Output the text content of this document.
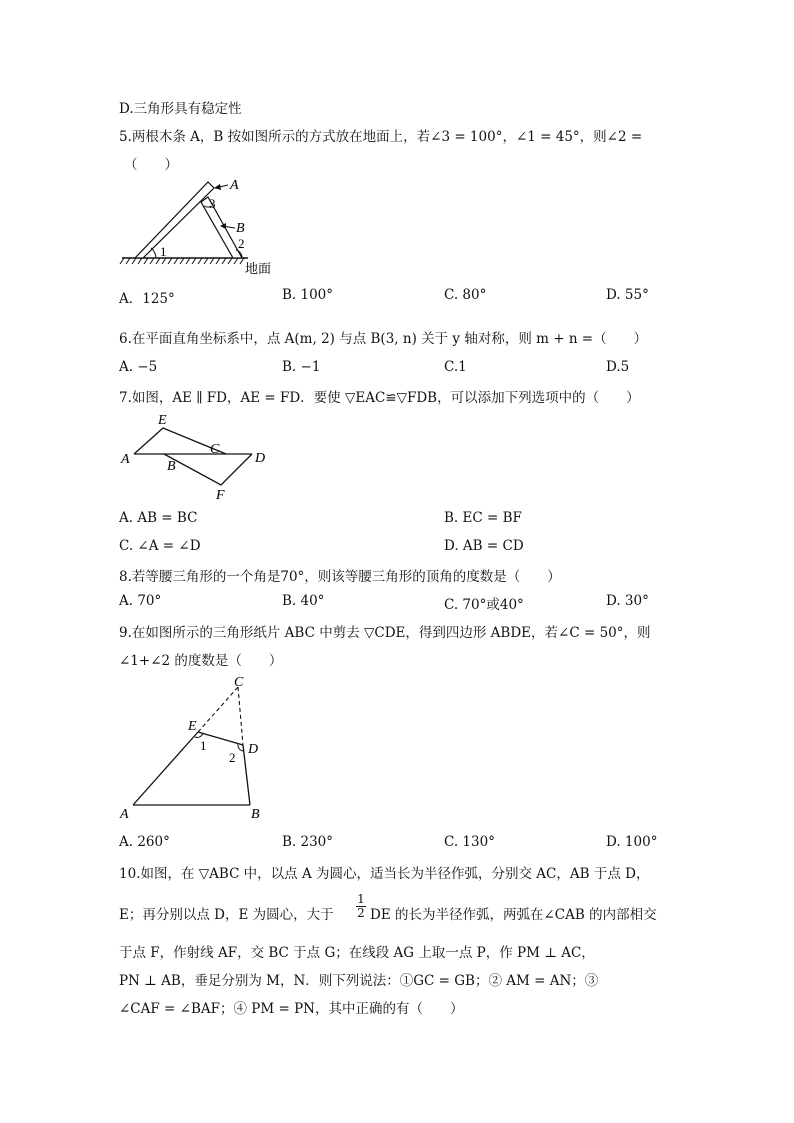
D.三角形具有稳定性
5.两根木条 A，B 按如图所示的方式放在地面上，若∠3 = 100°，∠1 = 45°，则∠2 =
（　　）
A
B
3
1
2
地面
A．125°	B. 100°	C. 80°	D. 55°
6.在平面直角坐标系中，点 A(m, 2) 与点 B(3, n) 关于 y 轴对称，则 m + n =（　　）
A. −5	B. −1	C.1	D.5
7.如图，AE ∥ FD，AE = FD．要使 ▽EAC≌▽FDB，可以添加下列选项中的（　　）
E
A	B
C
D
F
A. AB = BC	B. EC = BF
C. ∠A = ∠D	D. AB = CD
8.若等腰三角形的一个角是70°，则该等腰三角形的顶角的度数是（　　）
A. 70°	B. 40°	C. 70°或40°	D. 30°
9.在如图所示的三角形纸片 ABC 中剪去 ▽CDE，得到四边形 ABDE，若∠C = 50°，则
∠1+∠2 的度数是（　　）
C
E
D
A	B
1
2
A. 260°	B. 230°	C. 130°	D. 100°
10.如图，在 ▽ABC 中，以点 A 为圆心，适当长为半径作弧，分别交 AC，AB 于点 D，
E；再分别以点 D，E 为圆心，大于
1
2 DE 的长为半径作弧，两弧在∠CAB 的内部相交
于点 F，作射线 AF，交 BC 于点 G；在线段 AG 上取一点 P，作 PM ⊥ AC，
PN ⊥ AB，垂足分别为 M，N．则下列说法：①GC = GB；② AM = AN；③
∠CAF = ∠BAF；④ PM = PN，其中正确的有（　　）
